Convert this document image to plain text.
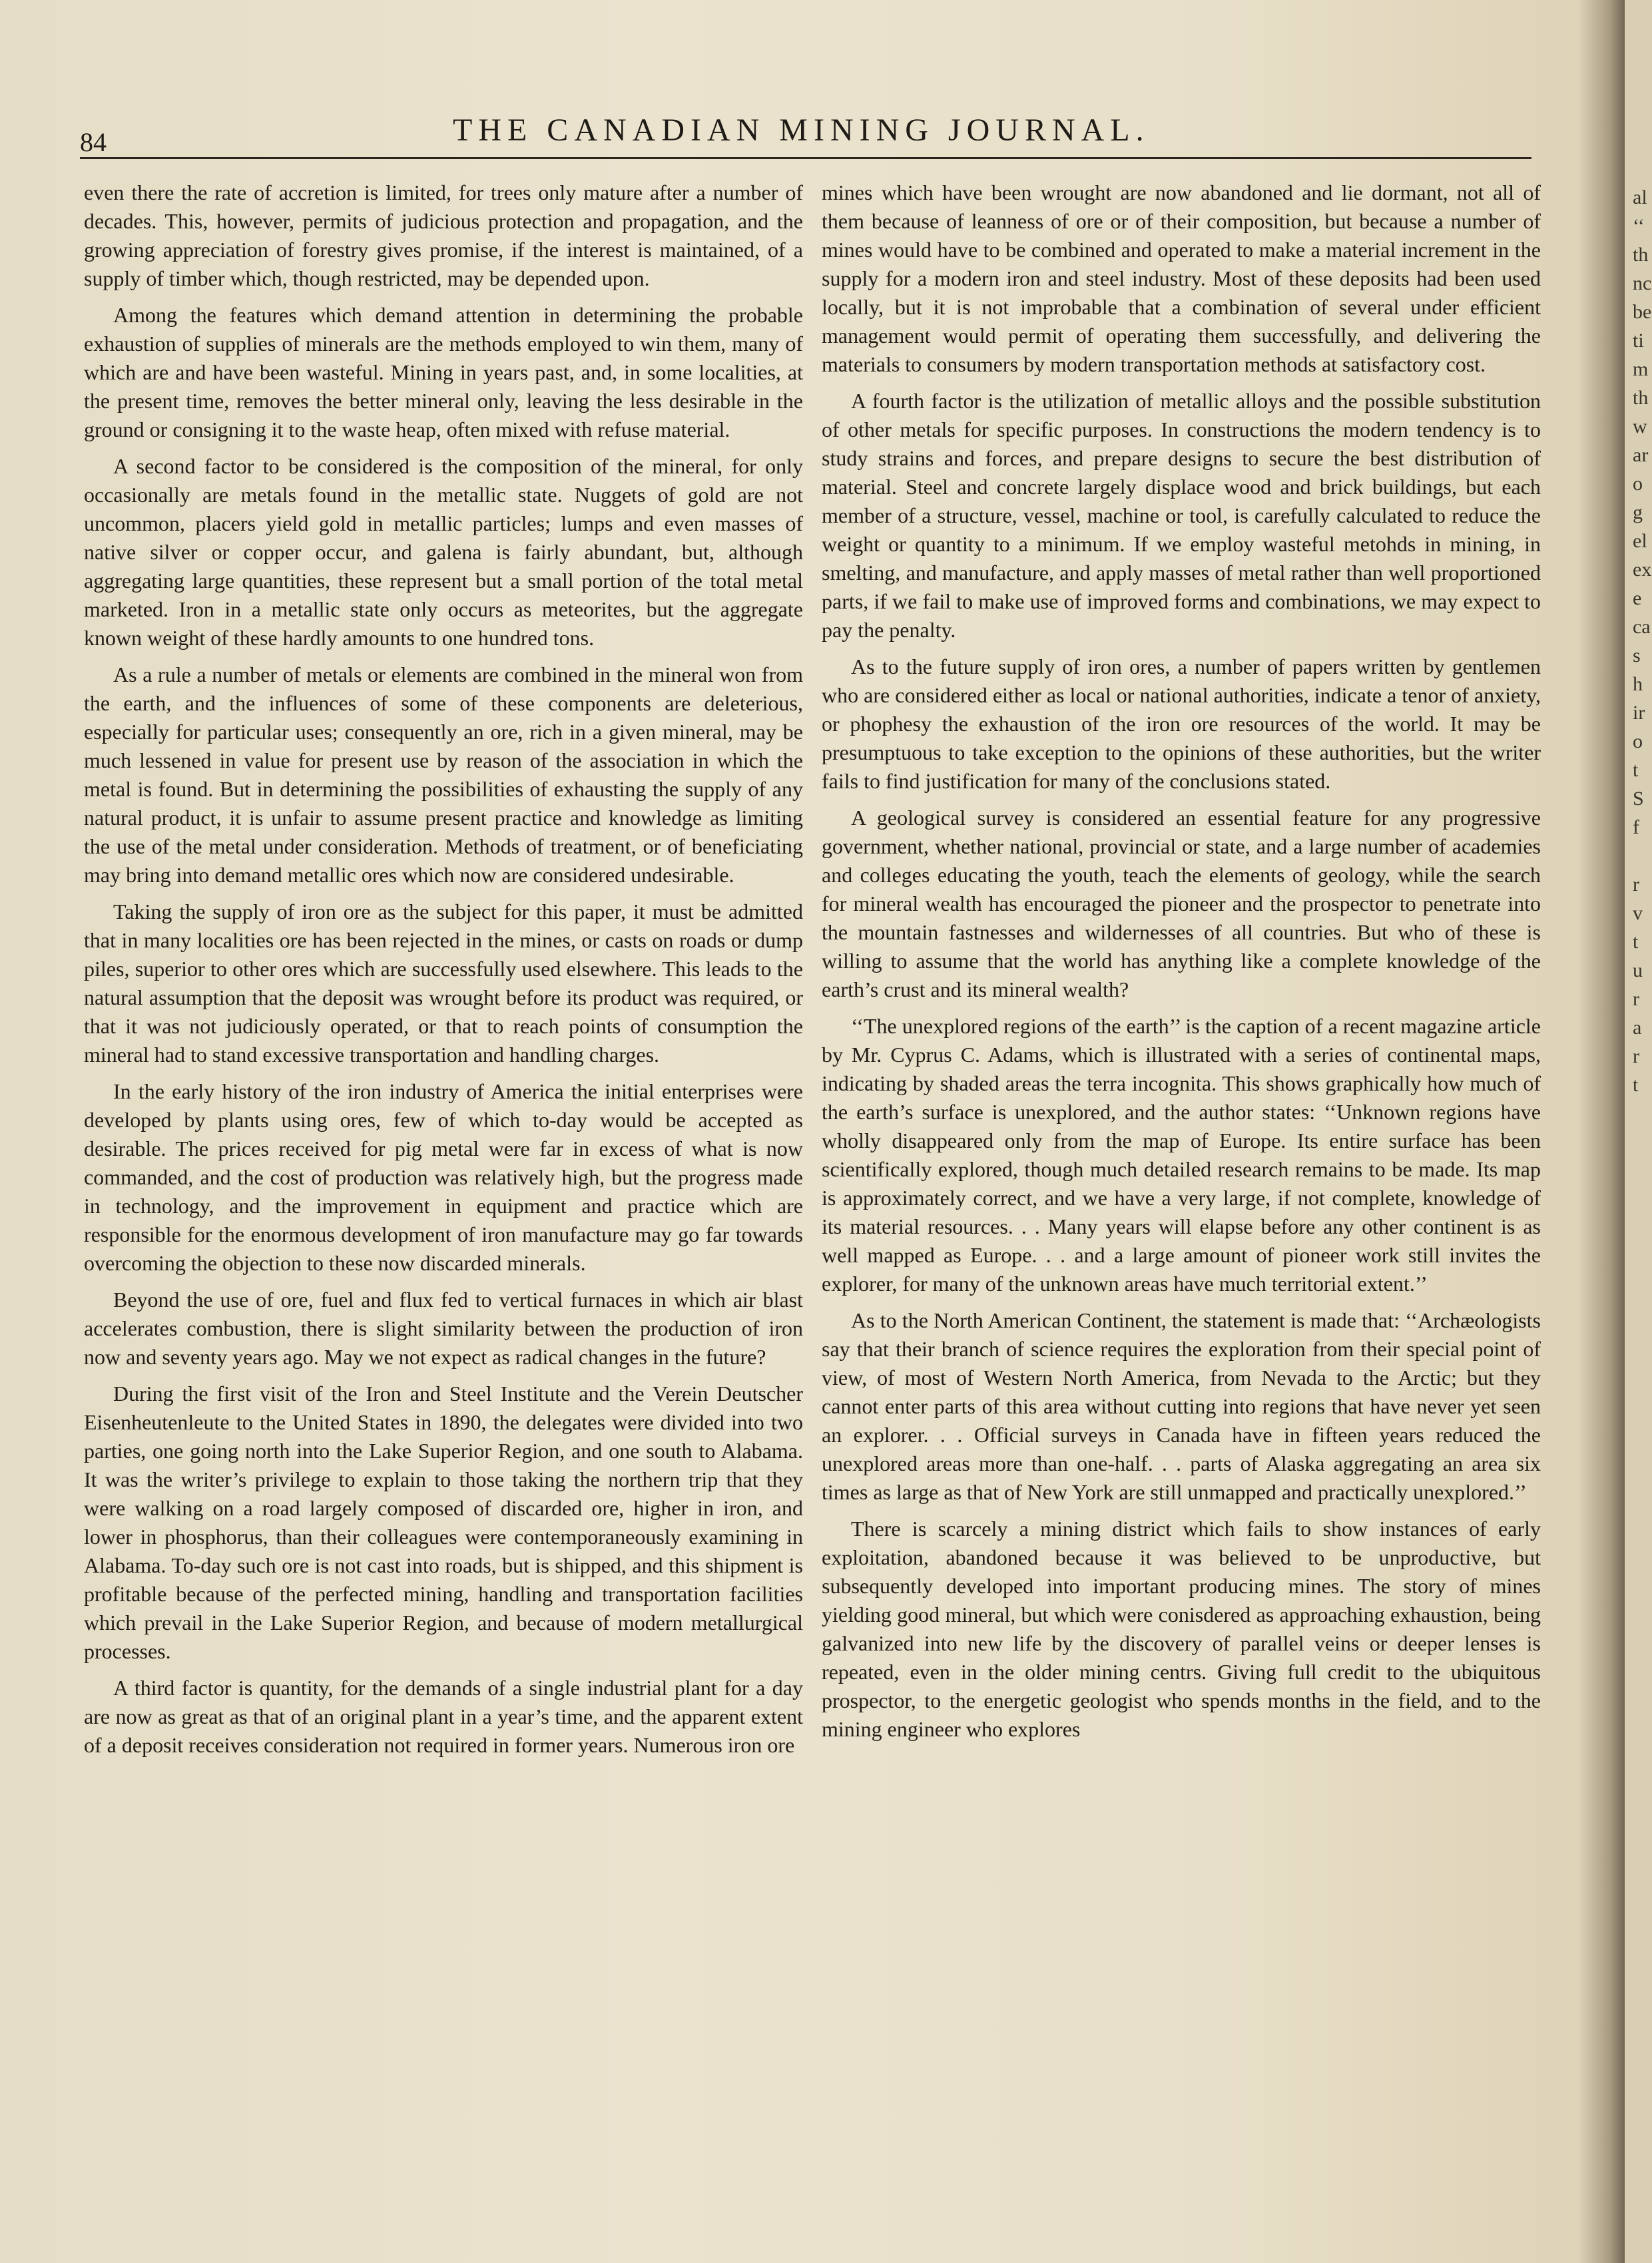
84	THE CANADIAN MINING JOURNAL.

even there the rate of accretion is limited, for trees only mature after a number of decades. This, however, permits of judicious protection and propagation, and the growing appreciation of forestry gives promise, if the interest is maintained, of a supply of timber which, though restricted, may be depended upon.

Among the features which demand attention in determining the probable exhaustion of supplies of minerals are the methods employed to win them, many of which are and have been wasteful. Mining in years past, and, in some localities, at the present time, removes the better mineral only, leaving the less desirable in the ground or consigning it to the waste heap, often mixed with refuse material.

A second factor to be considered is the composition of the mineral, for only occasionally are metals found in the metallic state. Nuggets of gold are not uncommon, placers yield gold in metallic particles; lumps and even masses of native silver or copper occur, and galena is fairly abundant, but, although aggregating large quantities, these represent but a small portion of the total metal marketed. Iron in a metallic state only occurs as meteorites, but the aggregate known weight of these hardly amounts to one hundred tons.

As a rule a number of metals or elements are combined in the mineral won from the earth, and the influences of some of these components are deleterious, especially for particular uses; consequently an ore, rich in a given mineral, may be much lessened in value for present use by reason of the association in which the metal is found. But in determining the possibilities of exhausting the supply of any natural product, it is unfair to assume present practice and knowledge as limiting the use of the metal under consideration. Methods of treatment, or of beneficiating may bring into demand metallic ores which now are considered undesirable.

Taking the supply of iron ore as the subject for this paper, it must be admitted that in many localities ore has been rejected in the mines, or casts on roads or dump piles, superior to other ores which are successfully used elsewhere. This leads to the natural assumption that the deposit was wrought before its product was required, or that it was not judiciously operated, or that to reach points of consumption the mineral had to stand excessive transportation and handling charges.

In the early history of the iron industry of America the initial enterprises were developed by plants using ores, few of which to-day would be accepted as desirable. The prices received for pig metal were far in excess of what is now commanded, and the cost of production was relatively high, but the progress made in technology, and the improvement in equipment and practice which are responsible for the enormous development of iron manufacture may go far towards overcoming the objection to these now discarded minerals.

Beyond the use of ore, fuel and flux fed to vertical furnaces in which air blast accelerates combustion, there is slight similarity between the production of iron now and seventy years ago. May we not expect as radical changes in the future?

During the first visit of the Iron and Steel Institute and the Verein Deutscher Eisenheutenleute to the United States in 1890, the delegates were divided into two parties, one going north into the Lake Superior Region, and one south to Alabama. It was the writer’s privilege to explain to those taking the northern trip that they were walking on a road largely composed of discarded ore, higher in iron, and lower in phosphorus, than their colleagues were contemporaneously examining in Alabama. To-day such ore is not cast into roads, but is shipped, and this shipment is profitable because of the perfected mining, handling and transportation facilities which prevail in the Lake Superior Region, and because of modern metallurgical processes.

A third factor is quantity, for the demands of a single industrial plant for a day are now as great as that of an original plant in a year’s time, and the apparent extent of a deposit receives consideration not required in former years. Numerous iron ore

mines which have been wrought are now abandoned and lie dormant, not all of them because of leanness of ore or of their composition, but because a number of mines would have to be combined and operated to make a material increment in the supply for a modern iron and steel industry. Most of these deposits had been used locally, but it is not improbable that a combination of several under efficient management would permit of operating them successfully, and delivering the materials to consumers by modern transportation methods at satisfactory cost.

A fourth factor is the utilization of metallic alloys and the possible substitution of other metals for specific purposes. In constructions the modern tendency is to study strains and forces, and prepare designs to secure the best distribution of material. Steel and concrete largely displace wood and brick buildings, but each member of a structure, vessel, machine or tool, is carefully calculated to reduce the weight or quantity to a minimum. If we employ wasteful metohds in mining, in smelting, and manufacture, and apply masses of metal rather than well proportioned parts, if we fail to make use of improved forms and combinations, we may expect to pay the penalty.

As to the future supply of iron ores, a number of papers written by gentlemen who are considered either as local or national authorities, indicate a tenor of anxiety, or phophesy the exhaustion of the iron ore resources of the world. It may be presumptuous to take exception to the opinions of these authorities, but the writer fails to find justification for many of the conclusions stated.

A geological survey is considered an essential feature for any progressive government, whether national, provincial or state, and a large number of academies and colleges educating the youth, teach the elements of geology, while the search for mineral wealth has encouraged the pioneer and the prospector to penetrate into the mountain fastnesses and wildernesses of all countries. But who of these is willing to assume that the world has anything like a complete knowledge of the earth’s crust and its mineral wealth?

‘‘The unexplored regions of the earth’’ is the caption of a recent magazine article by Mr. Cyprus C. Adams, which is illustrated with a series of continental maps, indicating by shaded areas the terra incognita. This shows graphically how much of the earth’s surface is unexplored, and the author states: ‘‘Unknown regions have wholly disappeared only from the map of Europe. Its entire surface has been scientifically explored, though much detailed research remains to be made. Its map is approximately correct, and we have a very large, if not complete, knowledge of its material resources. . . Many years will elapse before any other continent is as well mapped as Europe. . . and a large amount of pioneer work still invites the explorer, for many of the unknown areas have much territorial extent.’’

As to the North American Continent, the statement is made that: ‘‘Archæologists say that their branch of science requires the exploration from their special point of view, of most of Western North America, from Nevada to the Arctic; but they cannot enter parts of this area without cutting into regions that have never yet seen an explorer. . . Official surveys in Canada have in fifteen years reduced the unexplored areas more than one-half. . . parts of Alaska aggregating an area six times as large as that of New York are still unmapped and practically unexplored.’’

There is scarcely a mining district which fails to show instances of early exploitation, abandoned because it was believed to be unproductive, but subsequently developed into important producing mines. The story of mines yielding good mineral, but which were conisdered as approaching exhaustion, being galvanized into new life by the discovery of parallel veins or deeper lenses is repeated, even in the older mining centrs. Giving full credit to the ubiquitous prospector, to the energetic geologist who spends months in the field, and to the mining engineer who explores

al
‘‘
th
nc
be
ti
m
th
w
ar
o
g
el
ex
e
ca
s
h
ir
o
t
S
f
r
v
t
u
r
a
r
t
